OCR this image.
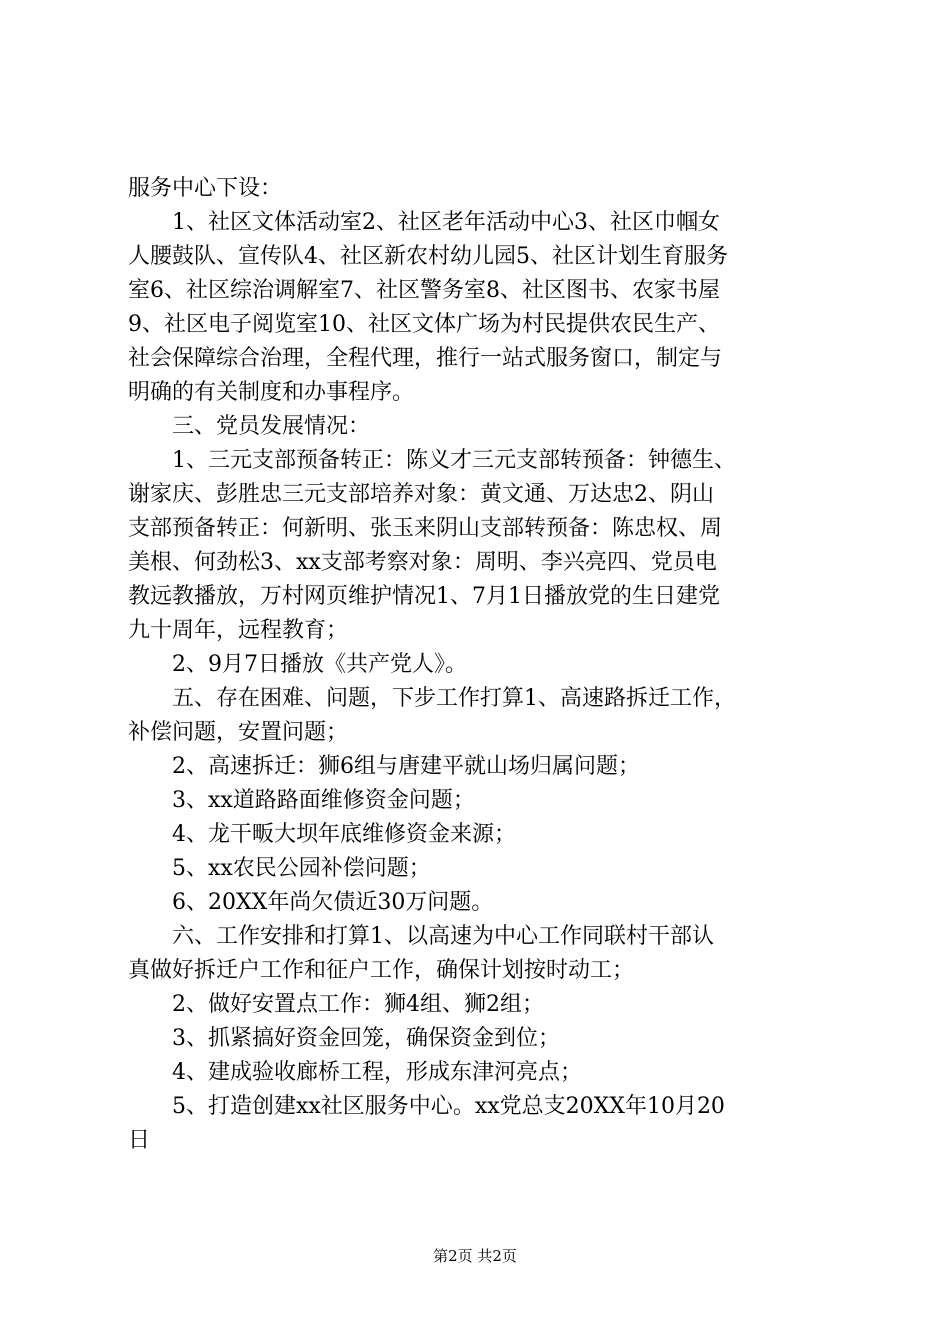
服务中心下设：
　　1、社区文体活动室2、社区老年活动中心3、社区巾帼女
人腰鼓队、宣传队4、社区新农村幼儿园5、社区计划生育服务
室6、社区综治调解室7、社区警务室8、社区图书、农家书屋
9、社区电子阅览室10、社区文体广场为村民提供农民生产、
社会保障综合治理，全程代理，推行一站式服务窗口，制定与
明确的有关制度和办事程序。
　　三、党员发展情况：
　　1、三元支部预备转正：陈义才三元支部转预备：钟德生、
谢家庆、彭胜忠三元支部培养对象：黄文通、万达忠2、阴山
支部预备转正：何新明、张玉来阴山支部转预备：陈忠权、周
美根、何劲松3、xx支部考察对象：周明、李兴亮四、党员电
教远教播放，万村网页维护情况1、7月1日播放党的生日建党
九十周年，远程教育；
　　2、9月7日播放《共产党人》。
　　五、存在困难、问题，下步工作打算1、高速路拆迁工作，
补偿问题，安置问题；
　　2、高速拆迁：狮6组与唐建平就山场归属问题；
　　3、xx道路路面维修资金问题；
　　4、龙干畈大坝年底维修资金来源；
　　5、xx农民公园补偿问题；
　　6、20XX年尚欠债近30万问题。
　　六、工作安排和打算1、以高速为中心工作同联村干部认
真做好拆迁户工作和征户工作，确保计划按时动工；
　　2、做好安置点工作：狮4组、狮2组；
　　3、抓紧搞好资金回笼，确保资金到位；
　　4、建成验收廊桥工程，形成东津河亮点；
　　5、打造创建xx社区服务中心。xx党总支20XX年10月20
日
第2页 共2页
